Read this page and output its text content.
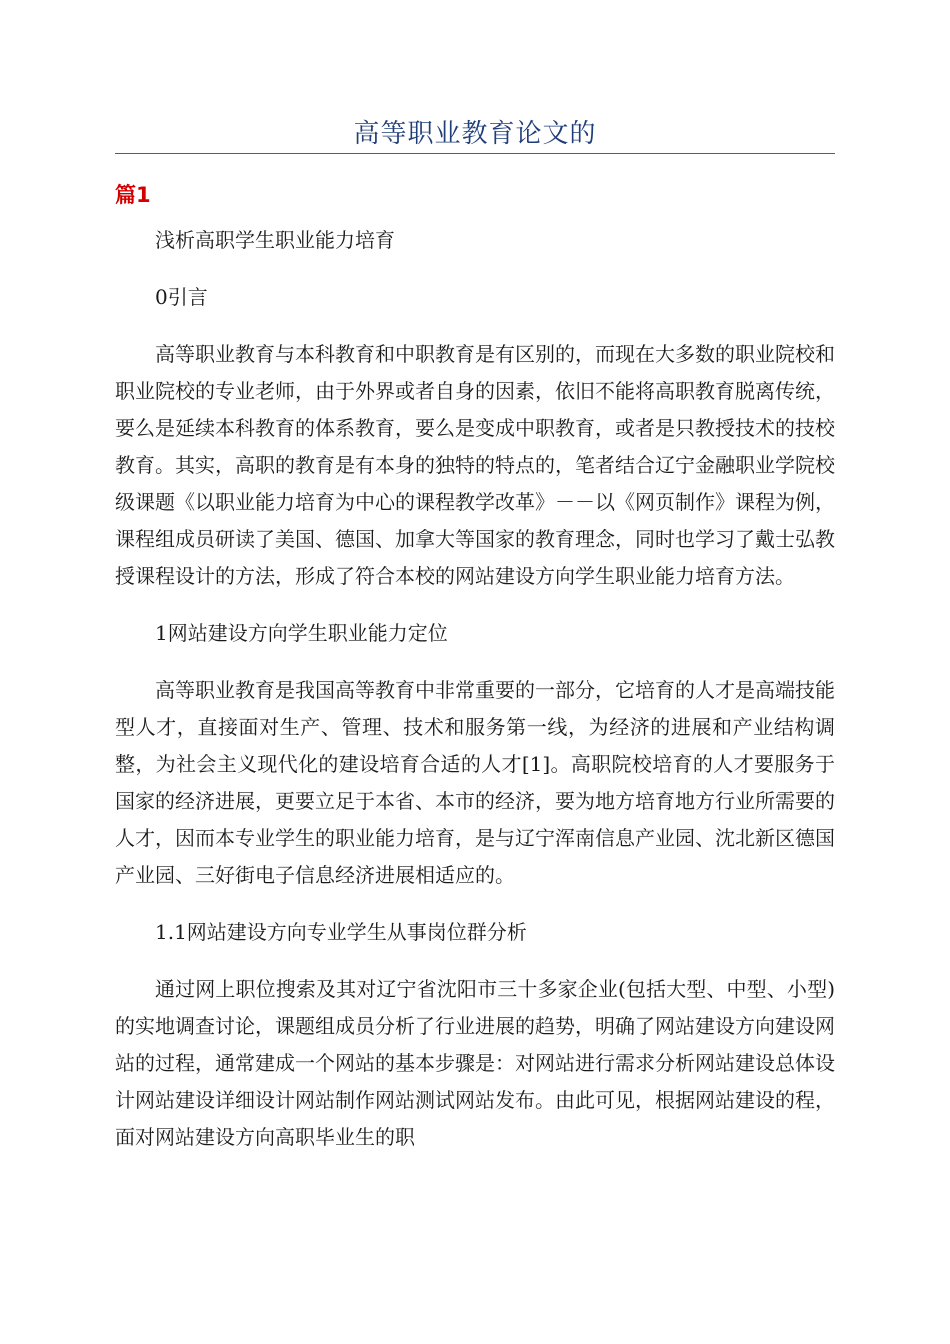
高等职业教育论文的
篇1

浅析高职学生职业能力培育

0引言

高等职业教育与本科教育和中职教育是有区别的，而现在大多数的职业院校和职业院校的专业老师，由于外界或者自身的因素，依旧不能将高职教育脱离传统，要么是延续本科教育的体系教育，要么是变成中职教育，或者是只教授技术的技校教育。其实，高职的教育是有本身的独特的特点的，笔者结合辽宁金融职业学院校级课题《以职业能力培育为中心的课程教学改革》－－以《网页制作》课程为例，课程组成员研读了美国、德国、加拿大等国家的教育理念，同时也学习了戴士弘教授课程设计的方法，形成了符合本校的网站建设方向学生职业能力培育方法。

1网站建设方向学生职业能力定位

高等职业教育是我国高等教育中非常重要的一部分，它培育的人才是高端技能型人才，直接面对生产、管理、技术和服务第一线，为经济的进展和产业结构调整，为社会主义现代化的建设培育合适的人才[1]。高职院校培育的人才要服务于国家的经济进展，更要立足于本省、本市的经济，要为地方培育地方行业所需要的人才，因而本专业学生的职业能力培育，是与辽宁浑南信息产业园、沈北新区德国产业园、三好街电子信息经济进展相适应的。

1.1网站建设方向专业学生从事岗位群分析

通过网上职位搜索及其对辽宁省沈阳市三十多家企业(包括大型、中型、小型)的实地调查讨论，课题组成员分析了行业进展的趋势，明确了网站建设方向建设网站的过程，通常建成一个网站的基本步骤是：对网站进行需求分析网站建设总体设计网站建设详细设计网站制作网站测试网站发布。由此可见，根据网站建设的程，面对网站建设方向高职毕业生的职
